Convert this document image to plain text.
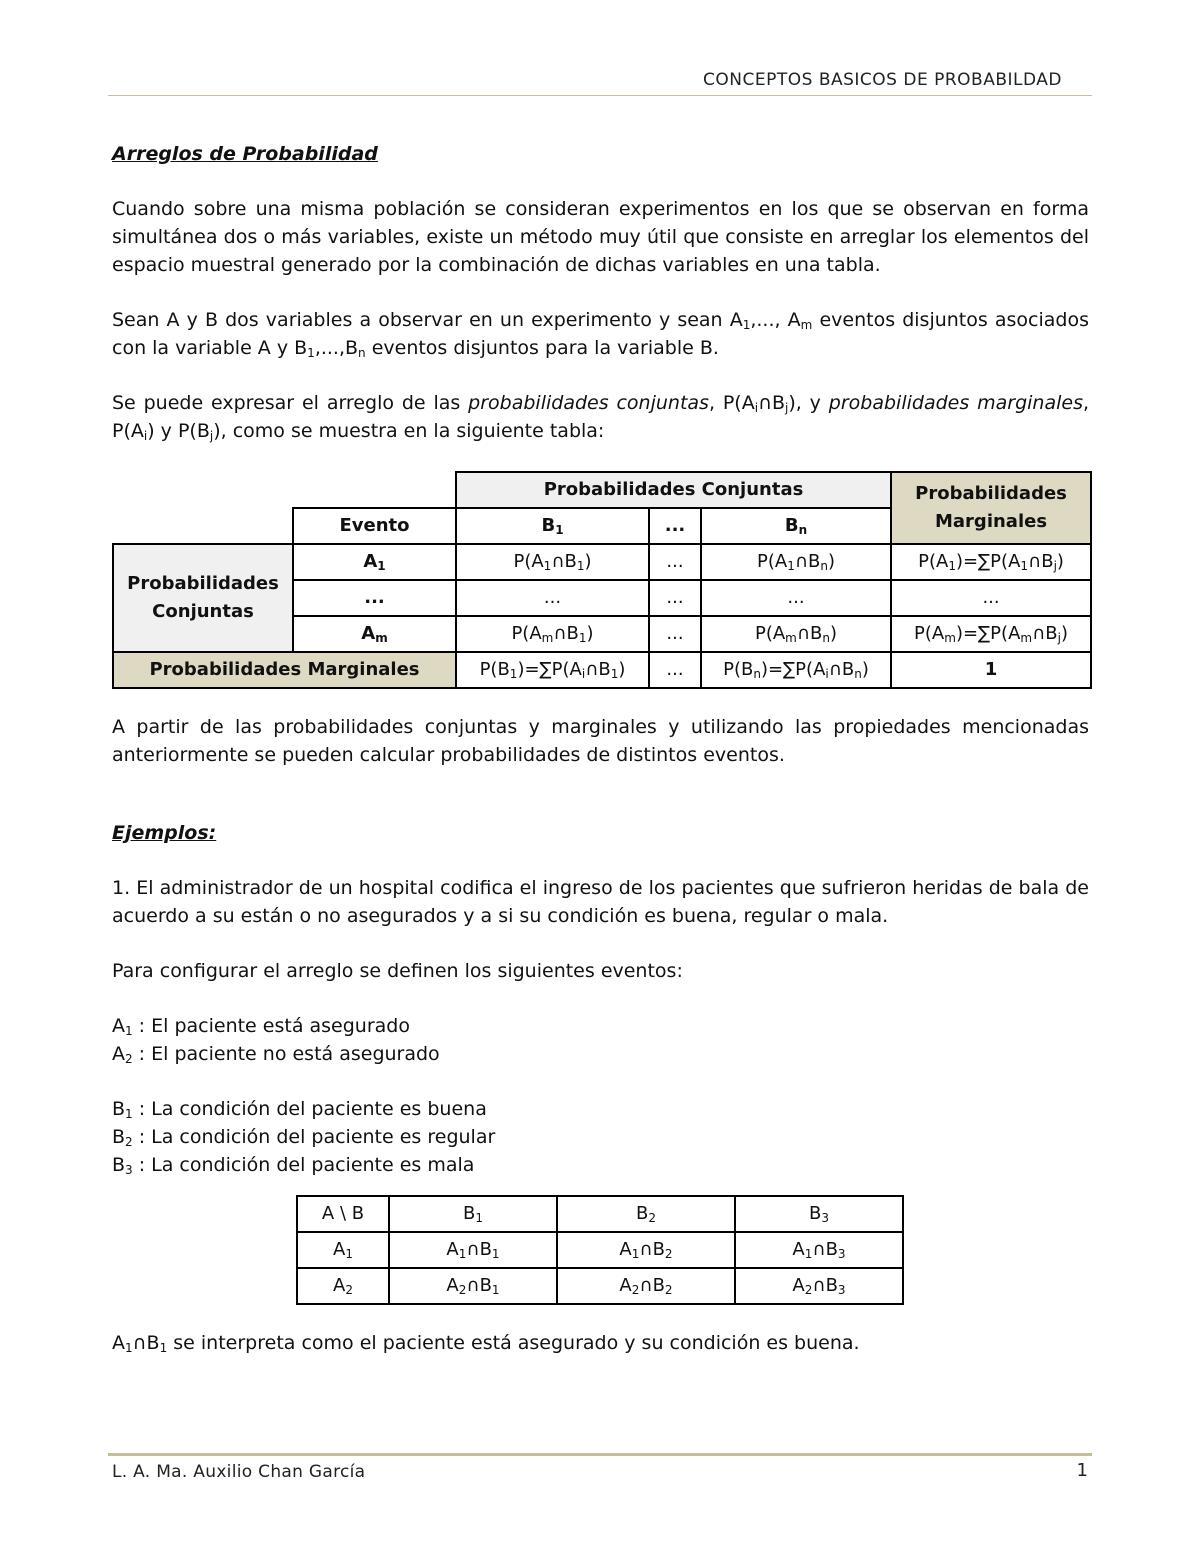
CONCEPTOS BASICOS DE PROBABILDAD

Arreglos de Probabilidad

Cuando sobre una misma población se consideran experimentos en los que se observan en forma simultánea dos o más variables, existe un método muy útil que consiste en arreglar los elementos del espacio muestral generado por la combinación de dichas variables en una tabla.

Sean A y B dos variables a observar en un experimento y sean $A_1$,..., $A_m$ eventos disjuntos asociados con la variable A y $B_1,...,B_n$ eventos disjuntos para la variable B.

Se puede expresar el arreglo de las probabilidades conjuntas, $P(A_i\cap B_j)$, y probabilidades marginales, $P(A_i)$ y $P(B_j)$, como se muestra en la siguiente tabla:

		Probabilidades Conjuntas			Probabilidades Marginales
	Evento	$B_1$	...	$B_n$
Probabilidades Conjuntas	$A_1$	$P(A_1\cap B_1)$	...	$P(A_1\cap B_n)$	$P(A_1)=\sum P(A_1\cap B_j)$
	...	...	...	...	...
	$A_m$	$P(A_m\cap B_1)$	...	$P(A_m\cap B_n)$	$P(A_m)=\sum P(A_m\cap B_j)$
Probabilidades Marginales		$P(B_1)=\sum P(A_i\cap B_1)$	...	$P(B_n)=\sum P(A_i\cap B_n)$	1

A partir de las probabilidades conjuntas y marginales y utilizando las propiedades mencionadas anteriormente se pueden calcular probabilidades de distintos eventos.

Ejemplos:

1. El administrador de un hospital codifica el ingreso de los pacientes que sufrieron heridas de bala de acuerdo a su están o no asegurados y a si su condición es buena, regular o mala.

Para configurar el arreglo se definen los siguientes eventos:

$A_1$ : El paciente está asegurado

$A_2$ : El paciente no está asegurado

$B_1$ : La condición del paciente es buena

$B_2$ : La condición del paciente es regular

$B_3$ : La condición del paciente es mala

A \ B	$B_1$	$B_2$	$B_3$
$A_1$	$A_1\cap B_1$	$A_1\cap B_2$	$A_1\cap B_3$
$A_2$	$A_2\cap B_1$	$A_2\cap B_2$	$A_2\cap B_3$

$A_1\cap B_1$ se interpreta como el paciente está asegurado y su condición es buena.

L. A. Ma. Auxilio Chan García	1
